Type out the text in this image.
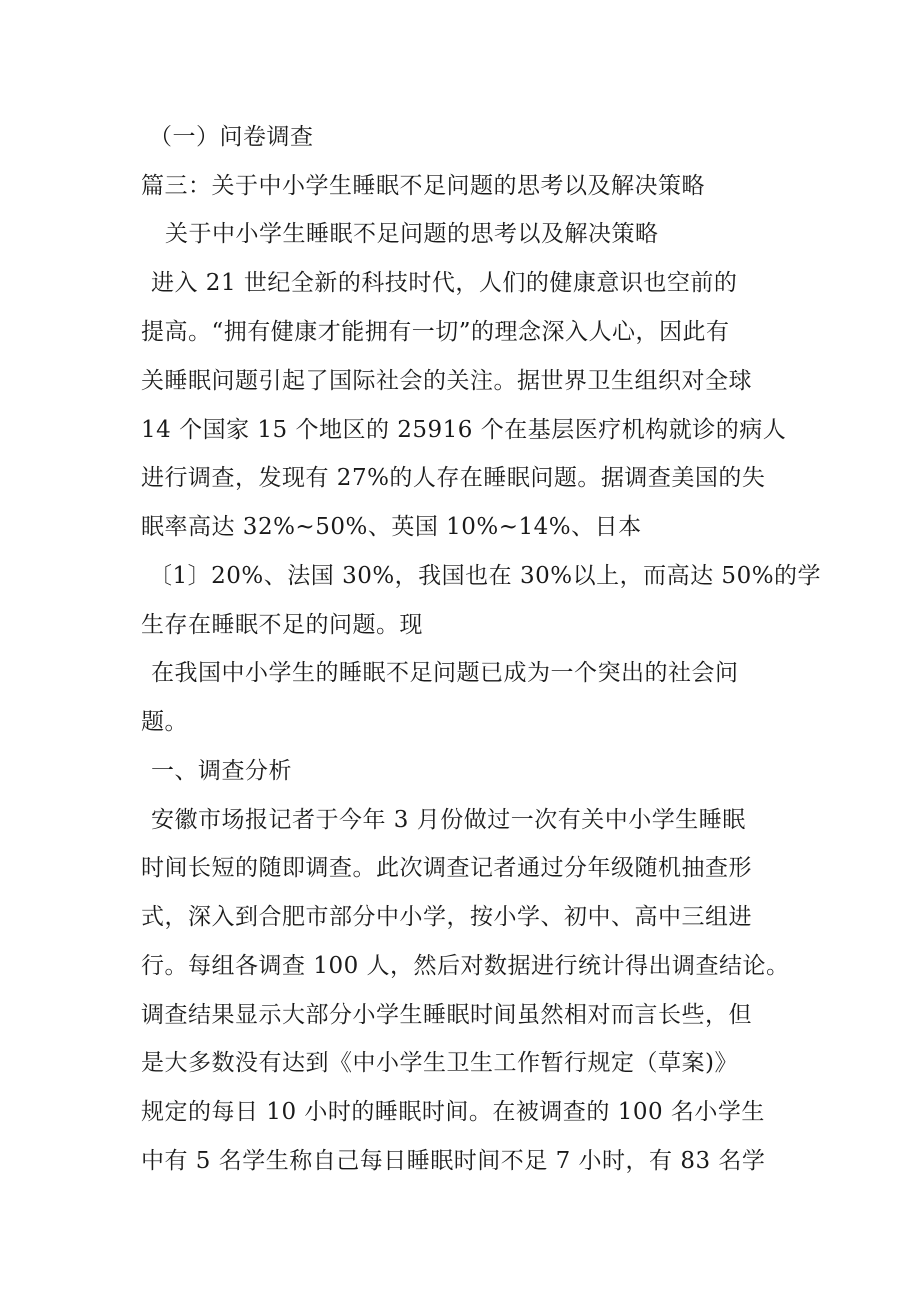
（一）问卷调查
篇三：关于中小学生睡眠不足问题的思考以及解决策略
关于中小学生睡眠不足问题的思考以及解决策略
进入 21 世纪全新的科技时代，人们的健康意识也空前的
提高。“拥有健康才能拥有一切”的理念深入人心，因此有
关睡眠问题引起了国际社会的关注。据世界卫生组织对全球
14 个国家 15 个地区的 25916 个在基层医疗机构就诊的病人
进行调查，发现有 27%的人存在睡眠问题。据调查美国的失
眠率高达 32%~50%、英国 10%~14%、日本
〔1〕20%、法国 30%，我国也在 30%以上，而高达 50%的学
生存在睡眠不足的问题。现
在我国中小学生的睡眠不足问题已成为一个突出的社会问
题。
一、调查分析
安徽市场报记者于今年 3 月份做过一次有关中小学生睡眠
时间长短的随即调查。此次调查记者通过分年级随机抽查形
式，深入到合肥市部分中小学，按小学、初中、高中三组进
行。每组各调查 100 人，然后对数据进行统计得出调查结论。
调查结果显示大部分小学生睡眠时间虽然相对而言长些，但
是大多数没有达到《中小学生卫生工作暂行规定（草案)》
规定的每日 10 小时的睡眠时间。在被调查的 100 名小学生
中有 5 名学生称自己每日睡眠时间不足 7 小时，有 83 名学
